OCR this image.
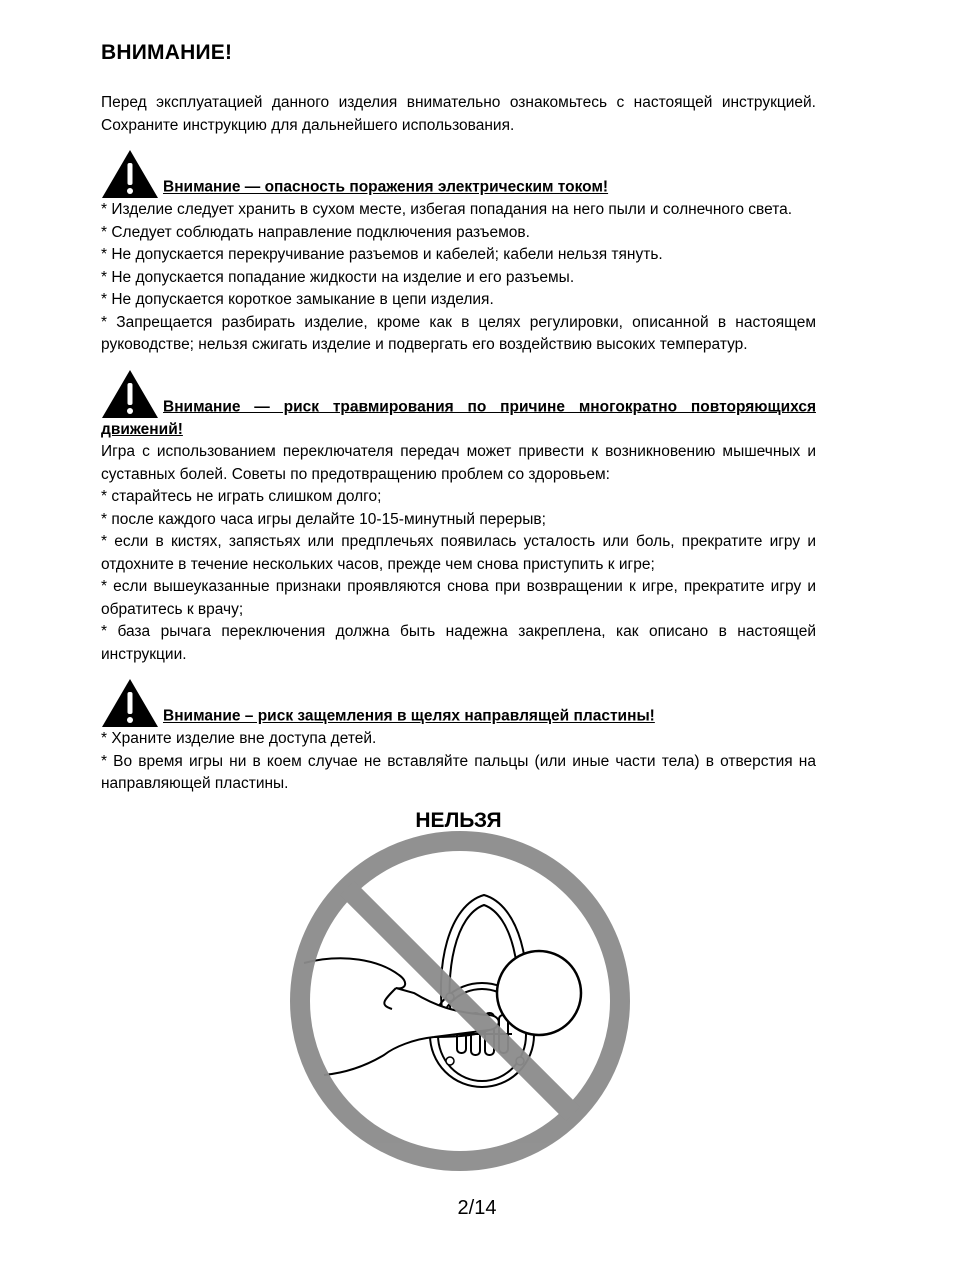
ВНИМАНИЕ!

Перед эксплуатацией данного изделия внимательно ознакомьтесь с настоящей инструкцией. Сохраните инструкцию для дальнейшего использования.

Внимание — опасность поражения электрическим током!

* Изделие следует хранить в сухом месте, избегая попадания на него пыли и солнечного света.

* Следует соблюдать направление подключения разъемов.

* Не допускается перекручивание разъемов и кабелей; кабели нельзя тянуть.

* Не допускается попадание жидкости на изделие и его разъемы.

* Не допускается короткое замыкание в цепи изделия.

* Запрещается разбирать изделие, кроме как в целях регулировки, описанной в настоящем руководстве; нельзя сжигать изделие и подвергать его воздействию высоких температур.

Внимание — риск травмирования по причине многократно повторяющихся движений!

Игра с использованием переключателя передач может привести к возникновению мышечных и суставных болей. Советы по предотвращению проблем со здоровьем:

* старайтесь не играть слишком долго;

* после каждого часа игры делайте 10-15-минутный перерыв;

* если в кистях, запястьях или предплечьях появилась усталость или боль, прекратите игру и отдохните в течение нескольких часов, прежде чем снова приступить к игре;

* если вышеуказанные признаки проявляются снова при возвращении к игре, прекратите игру и обратитесь к врачу;

* база рычага переключения должна быть надежна закреплена, как описано в настоящей инструкции.

Внимание – риск защемления в щелях направлящей пластины!

* Храните изделие вне доступа детей.

* Во время игры ни в коем случае не вставляйте пальцы (или иные части тела) в отверстия на направляющей пластины.

НЕЛЬЗЯ
2/14
